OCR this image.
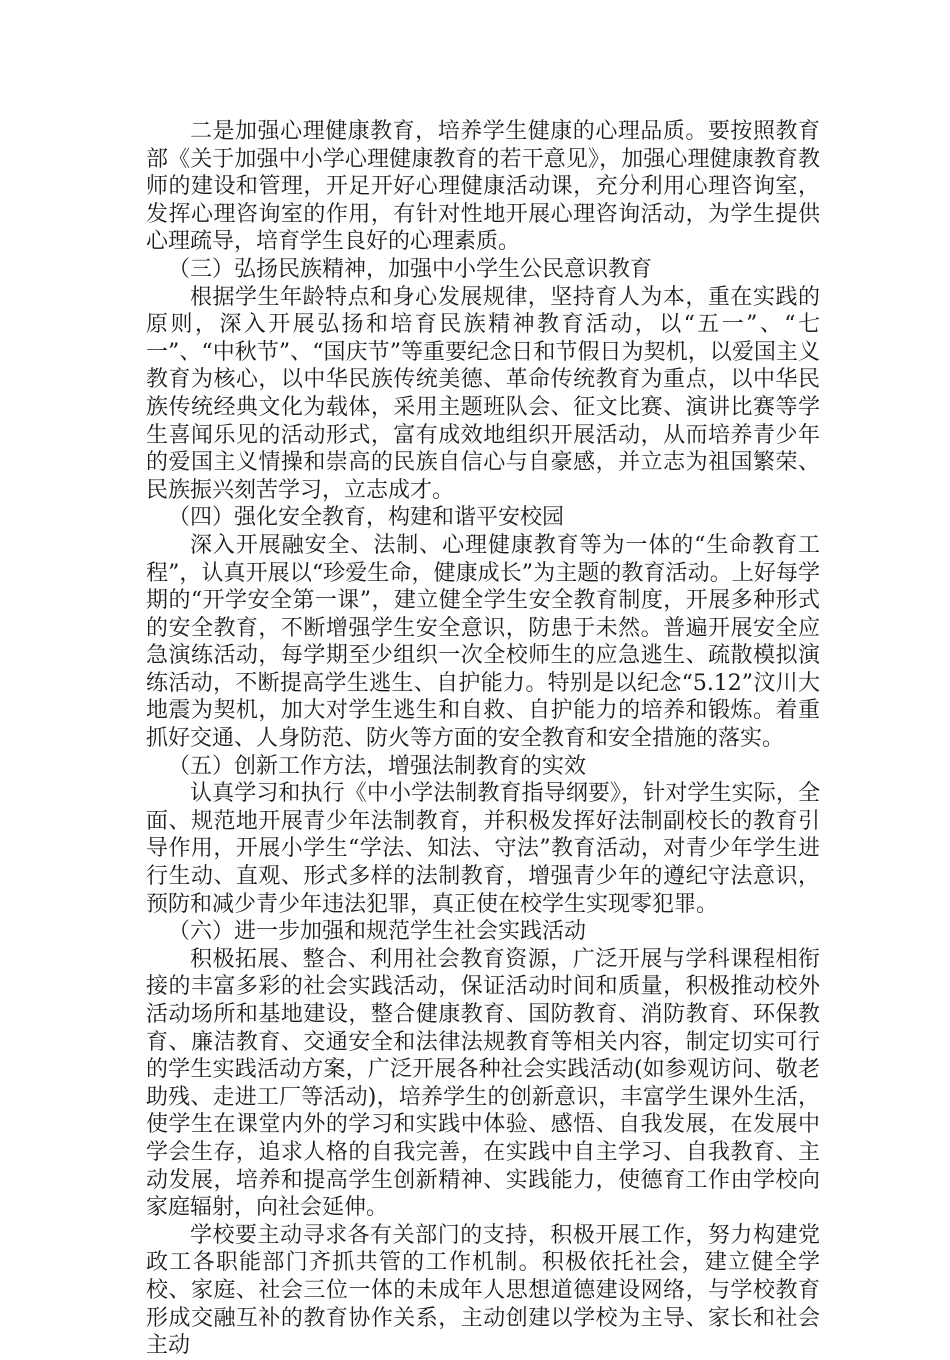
二是加强心理健康教育，培养学生健康的心理品质。要按照教育部《关于加强中小学心理健康教育的若干意见》，加强心理健康教育教师的建设和管理，开足开好心理健康活动课，充分利用心理咨询室，发挥心理咨询室的作用，有针对性地开展心理咨询活动，为学生提供心理疏导，培育学生良好的心理素质。

（三）弘扬民族精神，加强中小学生公民意识教育

根据学生年龄特点和身心发展规律，坚持育人为本，重在实践的原则，深入开展弘扬和培育民族精神教育活动，以“五一”、“七一”、“中秋节”、“国庆节”等重要纪念日和节假日为契机，以爱国主义教育为核心，以中华民族传统美德、革命传统教育为重点，以中华民族传统经典文化为载体，采用主题班队会、征文比赛、演讲比赛等学生喜闻乐见的活动形式，富有成效地组织开展活动，从而培养青少年的爱国主义情操和崇高的民族自信心与自豪感，并立志为祖国繁荣、民族振兴刻苦学习，立志成才。

（四）强化安全教育，构建和谐平安校园

深入开展融安全、法制、心理健康教育等为一体的“生命教育工程”，认真开展以“珍爱生命，健康成长”为主题的教育活动。上好每学期的“开学安全第一课”，建立健全学生安全教育制度，开展多种形式的安全教育，不断增强学生安全意识，防患于未然。普遍开展安全应急演练活动，每学期至少组织一次全校师生的应急逃生、疏散模拟演练活动，不断提高学生逃生、自护能力。特别是以纪念“5.12”汶川大地震为契机，加大对学生逃生和自救、自护能力的培养和锻炼。着重抓好交通、人身防范、防火等方面的安全教育和安全措施的落实。

（五）创新工作方法，增强法制教育的实效

认真学习和执行《中小学法制教育指导纲要》，针对学生实际，全面、规范地开展青少年法制教育，并积极发挥好法制副校长的教育引导作用，开展小学生“学法、知法、守法”教育活动，对青少年学生进行生动、直观、形式多样的法制教育，增强青少年的遵纪守法意识，预防和减少青少年违法犯罪，真正使在校学生实现零犯罪。

（六）进一步加强和规范学生社会实践活动

积极拓展、整合、利用社会教育资源，广泛开展与学科课程相衔接的丰富多彩的社会实践活动，保证活动时间和质量，积极推动校外活动场所和基地建设，整合健康教育、国防教育、消防教育、环保教育、廉洁教育、交通安全和法律法规教育等相关内容，制定切实可行的学生实践活动方案，广泛开展各种社会实践活动(如参观访问、敬老助残、走进工厂等活动)，培养学生的创新意识，丰富学生课外生活，使学生在课堂内外的学习和实践中体验、感悟、自我发展，在发展中学会生存，追求人格的自我完善，在实践中自主学习、自我教育、主动发展，培养和提高学生创新精神、实践能力，使德育工作由学校向家庭辐射，向社会延伸。

学校要主动寻求各有关部门的支持，积极开展工作，努力构建党政工各职能部门齐抓共管的工作机制。积极依托社会，建立健全学校、家庭、社会三位一体的未成年人思想道德建设网络，与学校教育形成交融互补的教育协作关系，主动创建以学校为主导、家长和社会主动
